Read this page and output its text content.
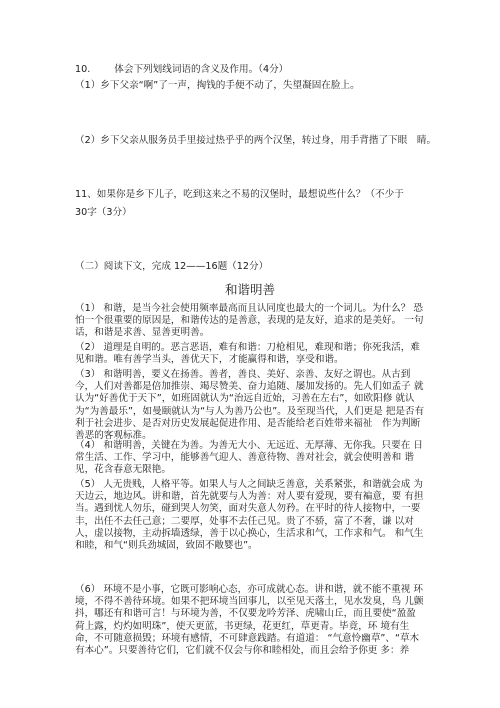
10.	体会下列划线词语的含义及作用。（4分）
（1）乡下父亲“啊”了一声，掏钱的手便不动了，失望凝固在脸上。
（2）乡下父亲从服务员手里接过热乎乎的两个汉堡，转过身，用手背揩了下眼　睛。
11、如果你是乡下儿子，吃到这来之不易的汉堡时，最想说些什么？（不少于
30字（3分）
（二）阅读下文，完成 12——16题（12分）
和谐明善
（1） 和谐，是当今社会使用频率最高而且认同度也最大的一个词儿。为什么？ 恐怕一个很重要的原因是，和谐传达的是善意，表现的是友好，追求的是美好。 一句话，和谐是求善、显善更明善。
（2） 道理是自明的。恶言恶语，难有和谐：刀枪相见，难现和谐；你死我活，难见和谐。唯有善学当头，善优天下，才能赢得和谐，享受和谐。
（3） 和谐明善，要义在扬善。善者，善良、美好、亲善、友好之谓也。从古到 今，人们对善都是倍加推崇、竭尽赞美、奋力追随、屡加发扬的。先人们如孟子 就认为“好善优于天下”，如班固就认为“治远自近始，习善在左右”，如欧阳修 就认为“为善最乐”，如曼颐就认为“与人为善乃公也”。及至现当代，人们更是 把是否有利于社会进步、是否对历史发展起促进作用、是否能给老百姓带来福祉　作为判断善恶的客观标准。
（4） 和谐明善，关键在为善。为善无大小、无远近、无厚薄、无你我。只要在 日常生活、工作、学习中，能够善气迎人、善意待物、善对社会，就会使明善和 谐见，花含春意无限艳。
（5） 人无贵贱，人格平等。如果人与人之间缺乏善意，关系紧张，和谐就会成 为天边云，地边风。讲和谐，首先就要与人为善：对人要有爱现，要有褊意，要 有担当。遇到忧人勿乐，碰到哭人勿笑，面对失意人勿矜。在平时的待人接物中，一要丰，出任不去任己意；二要厚，处事不去任己见。贵了不骄，富了不奢，谦 以对人，虚以接物，主动拆墙透绿，善于以心换心，生活求和气，工作求和气。 和气生和睦，和气“则兵劲城固，致固不敞婴也”。
（6） 环境不是小事，它既可影响心态，亦可成就心态。讲和谐，就不能不重视 环境，不得不善待环境。如果不把环境当回事儿，以至见天落土，见水发臭，鸟 儿颤抖，哪还有和谐可言！与环境为善，不仅要龙吟芳泽、虎啸山丘，而且要使“盈盈荷上露，灼灼如明珠”，使天更蓝，书更绿，花更红，草更青。毕竟，环 境有生命，不可随意损毁；环境有感情，不可肆意践踏。有道道： “气意怜幽草”、“草木有本心”。只要善待它们，它们就不仅会与你和睦相处，而且会给予你更 多：养
